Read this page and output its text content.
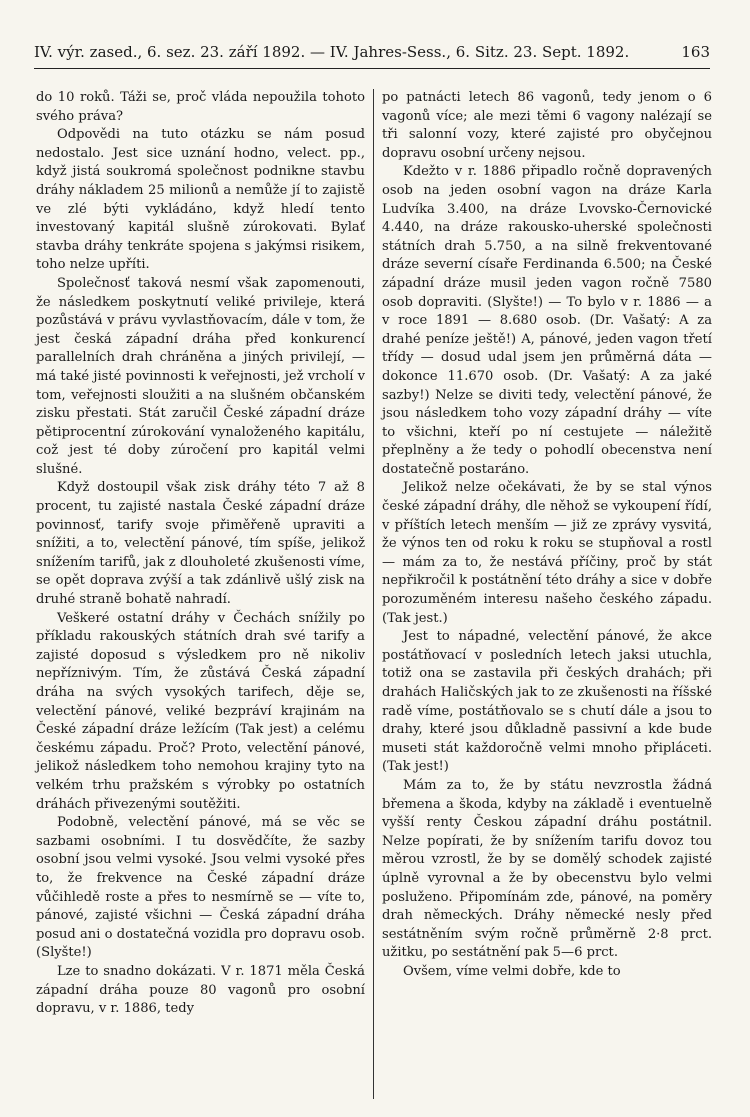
IV. výr. zased., 6. sez. 23. září 1892. — IV. Jahres-Sess., 6. Sitz. 23. Sept. 1892.	163

do 10 roků. Táži se, proč vláda nepoužila tohoto svého práva?

Odpovědi na tuto otázku se nám posud nedostalo. Jest sice uznání hodno, velect. pp., když jistá soukromá společnost podnikne stavbu dráhy nákladem 25 milionů a nemůže jí to zajistě ve zlé býti vykládáno, když hledí tento investovaný kapitál slušně zúrokovati. Bylať stavba dráhy tenkráte spojena s jakýmsi risikem, toho nelze upříti.

Společnosť taková nesmí však zapomenouti, že následkem poskytnutí veliké privileje, která pozůstává v právu vyvlastňovacím, dále v tom, že jest česká západní dráha před konkurencí parallelních drah chráněna a jiných privilejí, — má také jisté povinnosti k veřejnosti, jež vrcholí v tom, veřejnosti sloužiti a na slušném občanském zisku přestati. Stát zaručil České západní dráze pětiprocentní zúrokování vynaloženého kapitálu, což jest té doby zúročení pro kapitál velmi slušné.

Když dostoupil však zisk dráhy této 7 až 8 procent, tu zajisté nastala České západní dráze povinnosť, tarify svoje přiměřeně upraviti a snížiti, a to, velectění pánové, tím spíše, jelikož snížením tarifů, jak z dlouholeté zkušenosti víme, se opět doprava zvýší a tak zdánlivě ušlý zisk na druhé straně bohatě nahradí.

Veškeré ostatní dráhy v Čechách snížily po příkladu rakouských státních drah své tarify a zajisté doposud s výsledkem pro ně nikoliv nepříznivým. Tím, že zůstává Česká západní dráha na svých vysokých tarifech, děje se, velectění pánové, veliké bezpráví krajinám na České západní dráze ležícím (Tak jest) a celému českému západu. Proč? Proto, velectění pánové, jelikož následkem toho nemohou krajiny tyto na velkém trhu pražském s výrobky po ostatních dráhách přivezenými soutěžiti.

Podobně, velectění pánové, má se věc se sazbami osobními. I tu dosvědčíte, že sazby osobní jsou velmi vysoké. Jsou velmi vysoké přes to, že frekvence na České západní dráze vůčihledě roste a přes to nesmírně se — víte to, pánové, zajisté všichni — Česká západní dráha posud ani o dostatečná vozidla pro dopravu osob. (Slyšte!)

Lze to snadno dokázati. V r. 1871 měla Česká západní dráha pouze 80 vagonů pro osobní dopravu, v r. 1886, tedy

po patnácti letech 86 vagonů, tedy jenom o 6 vagonů více; ale mezi těmi 6 vagony nalézají se tři salonní vozy, které zajisté pro obyčejnou dopravu osobní určeny nejsou.

Kdežto v r. 1886 připadlo ročně dopravených osob na jeden osobní vagon na dráze Karla Ludvíka 3.400, na dráze Lvovsko-Černovické 4.440, na dráze rakousko-uherské společnosti státních drah 5.750, a na silně frekventované dráze severní císaře Ferdinanda 6.500; na České západní dráze musil jeden vagon ročně 7580 osob dopraviti. (Slyšte!) — To bylo v r. 1886 — a v roce 1891 — 8.680 osob. (Dr. Vašatý: A za drahé peníze ještě!) A, pánové, jeden vagon třetí třídy — dosud udal jsem jen průměrná dáta — dokonce 11.670 osob. (Dr. Vašatý: A za jaké sazby!) Nelze se diviti tedy, velectění pánové, že jsou následkem toho vozy západní dráhy — víte to všichni, kteří po ní cestujete — náležitě přeplněny a že tedy o pohodlí obecenstva není dostatečně postaráno.

Jelikož nelze očekávati, že by se stal výnos české západní dráhy, dle něhož se vykoupení řídí, v příštích letech menším — již ze zprávy vysvitá, že výnos ten od roku k roku se stupňoval a rostl — mám za to, že nestává příčiny, proč by stát nepřikročil k postátnění této dráhy a sice v dobře porozuměném interesu našeho českého západu. (Tak jest.)

Jest to nápadné, velectění pánové, že akce postátňovací v posledních letech jaksi utuchla, totiž ona se zastavila při českých drahách; při drahách Haličských jak to ze zkušenosti na říšské radě víme, postátňovalo se s chutí dále a jsou to drahy, které jsou důkladně passivní a kde bude museti stát každoročně velmi mnoho připláceti. (Tak jest!)

Mám za to, že by státu nevzrostla žádná břemena a škoda, kdyby na základě i eventuelně vyšší renty Českou západní dráhu postátnil. Nelze popírati, že by snížením tarifu dovoz tou měrou vzrostl, že by se domělý schodek zajisté úplně vyrovnal a že by obecenstvu bylo velmi posluženo. Připomínám zde, pánové, na poměry drah německých. Dráhy německé nesly před sestátněním svým ročně průměrně 2·8 prct. užitku, po sestátnění pak 5—6 prct.

Ovšem, víme velmi dobře, kde to
